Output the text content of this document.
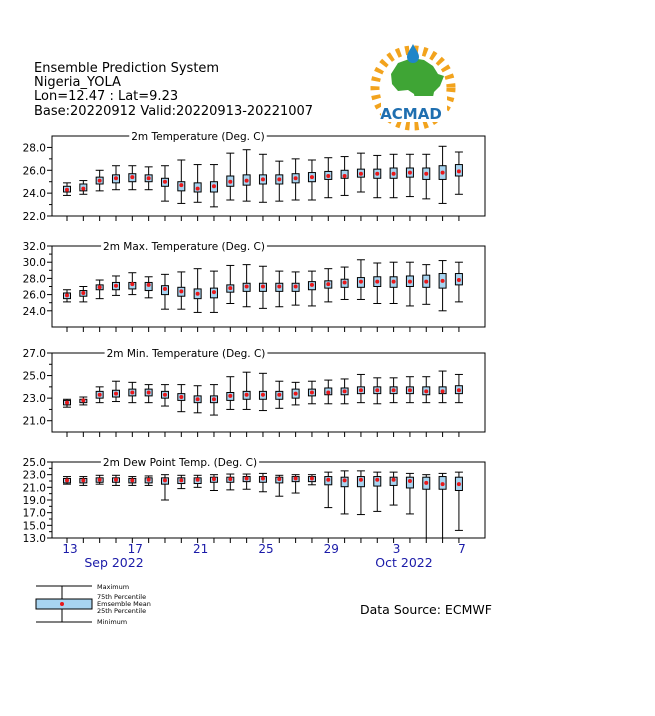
Ensemble Prediction System
Nigeria_YOLA
Lon=12.47 : Lat=9.23
Base:20220912 Valid:20220913-20221007	ACMAD
2m Temperature (Deg. C)
22.0
24.0
26.0
28.0
2m Max. Temperature (Deg. C)
24.0
26.0
28.0
30.0
32.0
2m Min. Temperature (Deg. C)
21.0
23.0
25.0
27.0
2m Dew Point Temp. (Deg. C)
13.0
15.0
17.0
19.0
21.0
23.0
25.0
13	17	21	25	29	3	7
Sep 2022	Oct 2022
Maximum
75th Percentile
Emsemble Mean
25th Percentile
Minimum
Data Source: ECMWF
